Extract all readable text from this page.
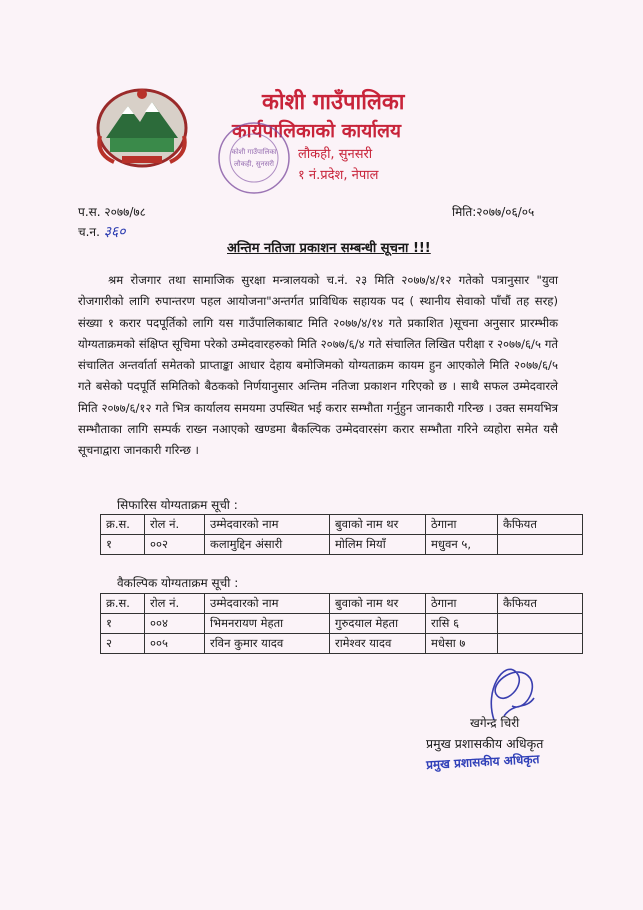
कोशी गाउँपालिका
कार्यपालिकाको कार्यालय

लौकही, सुनसरी

१ नं.प्रदेश, नेपाल

कोशी गाउँपालिका
लौकही, सुनसरी

प.स. २०७७/७८

च.न. ३६०

मिति:२०७७/०६/०५

अन्तिम नतिजा प्रकाशन सम्बन्धी सूचना !!!

श्रम रोजगार तथा सामाजिक सुरक्षा मन्त्रालयको च.नं. २३ मिति २०७७/४/१२ गतेको पत्रानुसार "युवा रोजगारीको लागि रुपान्तरण पहल आयोजना"अन्तर्गत प्राविधिक सहायक पद ( स्थानीय सेवाको पाँचौं तह सरह) संख्या १ करार पदपूर्तिको लागि यस गाउँपालिकाबाट मिति २०७७/४/१४ गते प्रकाशित )सूचना अनुसार प्रारम्भीक योग्यताक्रमको संक्षिप्त सूचिमा परेको उम्मेदवारहरुको मिति २०७७/६/४ गते संचालित लिखित परीक्षा र २०७७/६/५ गते संचालित अन्तर्वार्ता समेतको प्राप्ताङ्का आधार देहाय बमोजिमको योग्यताक्रम कायम हुन आएकोले मिति २०७७/६/५ गते बसेको पदपूर्ति समितिको बैठकको निर्णयानुसार अन्तिम नतिजा प्रकाशन गरिएको छ । साथै सफल उम्मेदवारले मिति २०७७/६/१२ गते भित्र कार्यालय समयमा उपस्थित भई करार सम्भौता गर्नुहुन जानकारी गरिन्छ । उक्त समयभित्र सम्भौताका लागि सम्पर्क राख्न नआएको खण्डमा बैकल्पिक उम्मेदवारसंग करार सम्भौता गरिने व्यहोरा समेत यसै सूचनाद्वारा जानकारी गरिन्छ ।

सिफारिस योग्यताक्रम सूची :

क्र.स.	रोल नं.	उम्मेदवारको नाम	बुवाको नाम थर	ठेगाना	कैफियत
१	००२	कलामुद्दिन अंसारी	मोलिम मियाँ	मधुवन ५,	

वैकल्पिक योग्यताक्रम सूची :

क्र.स.	रोल नं.	उम्मेदवारको नाम	बुवाको नाम थर	ठेगाना	कैफियत
१	००४	भिमनरायण मेहता	गुरुदयाल मेहता	रासि ६	
२	००५	रविन कुमार यादव	रामेश्वर यादव	मधेसा ७	

खगेन्द्र चिरी

प्रमुख प्रशासकीय अधिकृत

प्रमुख प्रशासकीय अधिकृत
